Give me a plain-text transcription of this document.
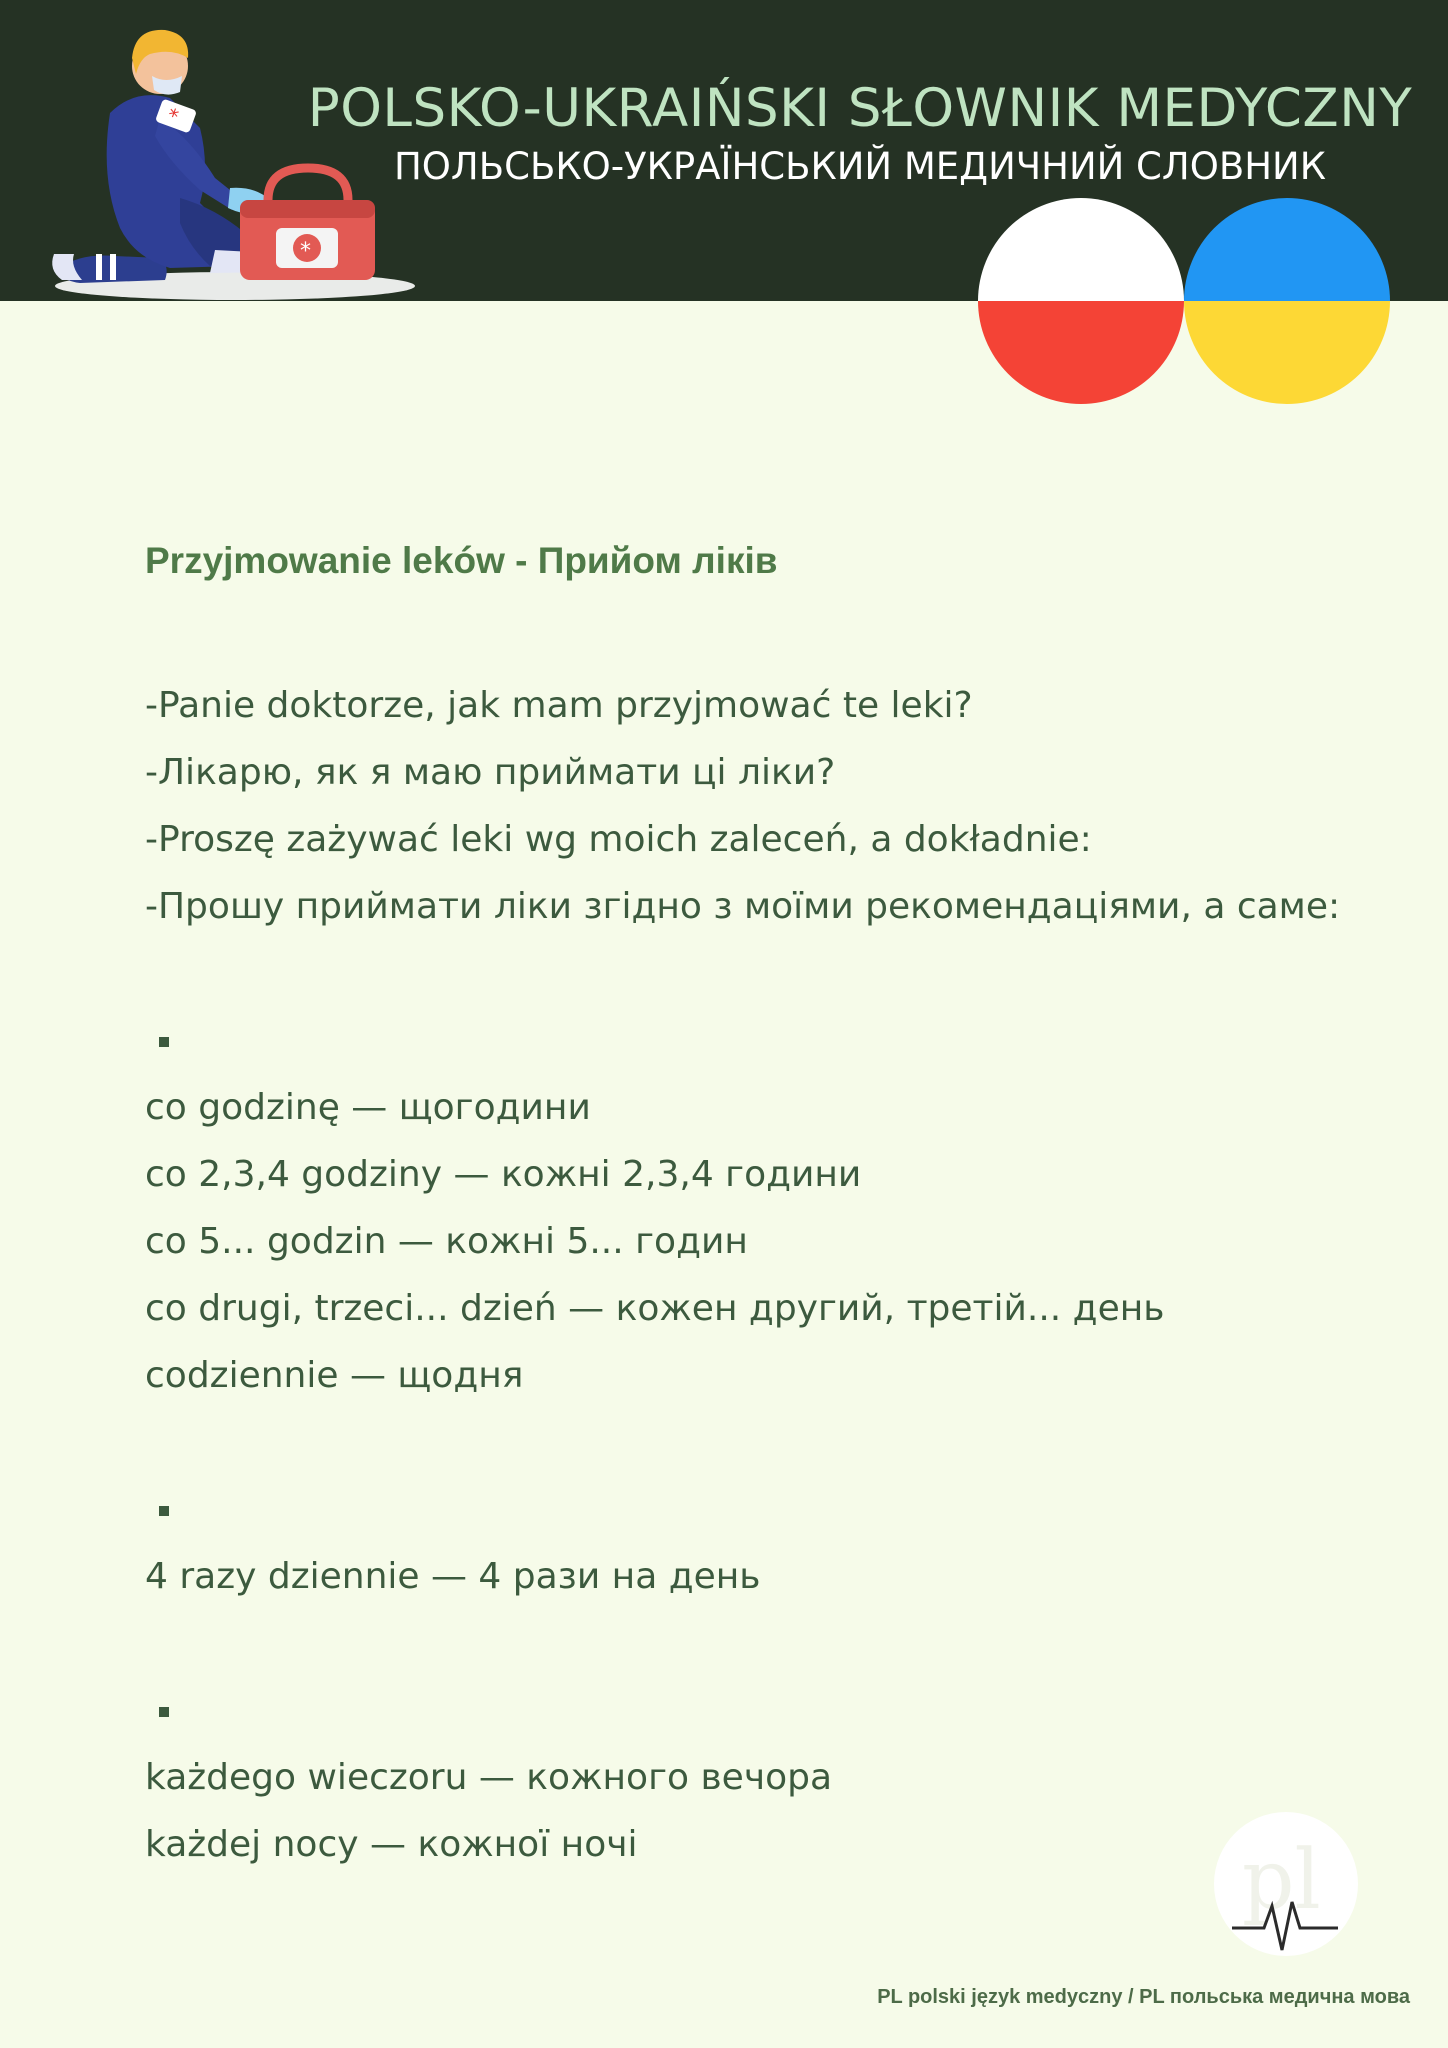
*
*
POLSKO-UKRAIŃSKI SŁOWNIK MEDYCZNY
ПОЛЬСЬКО-УКРАЇНСЬКИЙ МЕДИЧНИЙ СЛОВНИК
Przyjmowanie leków - Прийом ліків
-Panie doktorze, jak mam przyjmować te leki?
-Лікарю, як я маю приймати ці ліки?
-Proszę zażywać leki wg moich zaleceń, a dokładnie:
-Прошу приймати ліки згідно з моїми рекомендаціями, а саме:
co godzinę — щогодини
co 2,3,4 godziny — кожні 2,3,4 години
co 5... godzin — кожні 5... годин
co drugi, trzeci... dzień — кожен другий, третій... день
codziennie — щодня
4 razy dziennie — 4 рази на день
każdego wieczoru — кожного вечора
każdej nocy — кожної ночі	pl
PL polski język medyczny / PL польська медична мова
